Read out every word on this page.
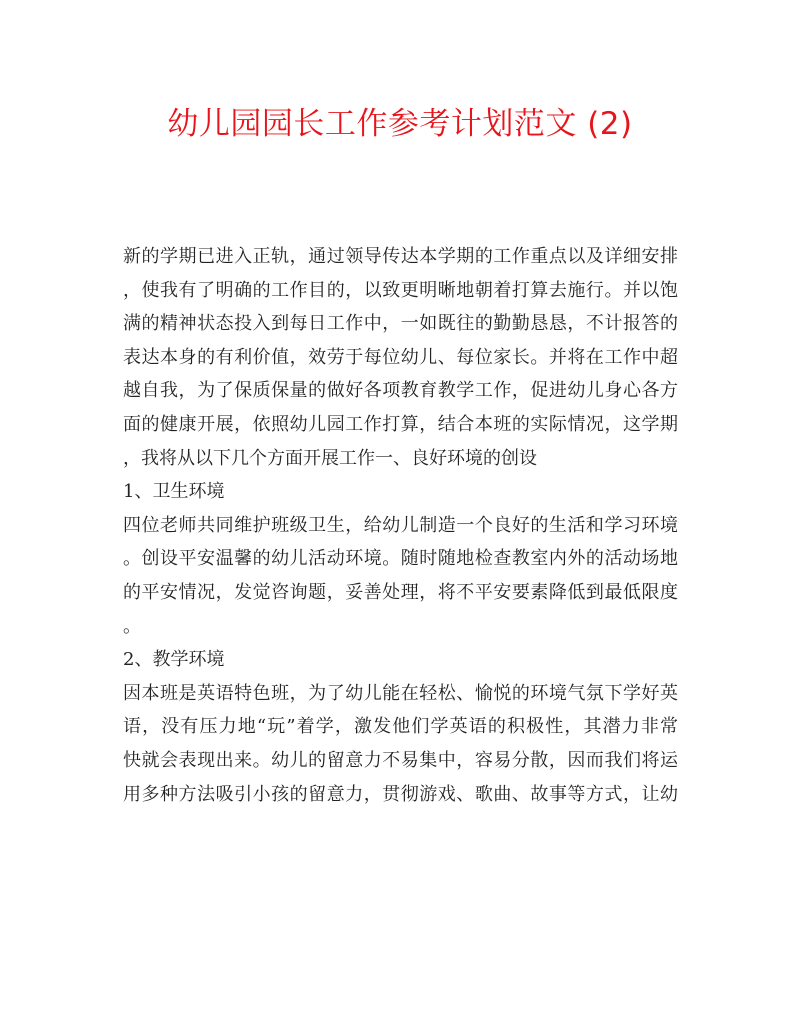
幼儿园园长工作参考计划范文 (2)
新的学期已进入正轨，通过领导传达本学期的工作重点以及详细安排
，使我有了明确的工作目的，以致更明晰地朝着打算去施行。并以饱
满的精神状态投入到每日工作中，一如既往的勤勤恳恳，不计报答的
表达本身的有利价值，效劳于每位幼儿、每位家长。并将在工作中超
越自我，为了保质保量的做好各项教育教学工作，促进幼儿身心各方
面的健康开展，依照幼儿园工作打算，结合本班的实际情况，这学期
，我将从以下几个方面开展工作一、良好环境的创设
1、卫生环境
四位老师共同维护班级卫生，给幼儿制造一个良好的生活和学习环境
。创设平安温馨的幼儿活动环境。随时随地检查教室内外的活动场地
的平安情况，发觉咨询题，妥善处理，将不平安要素降低到最低限度
。
2、教学环境
因本班是英语特色班，为了幼儿能在轻松、愉悦的环境气氛下学好英
语，没有压力地“玩”着学，激发他们学英语的积极性，其潜力非常
快就会表现出来。幼儿的留意力不易集中，容易分散，因而我们将运
用多种方法吸引小孩的留意力，贯彻游戏、歌曲、故事等方式，让幼
